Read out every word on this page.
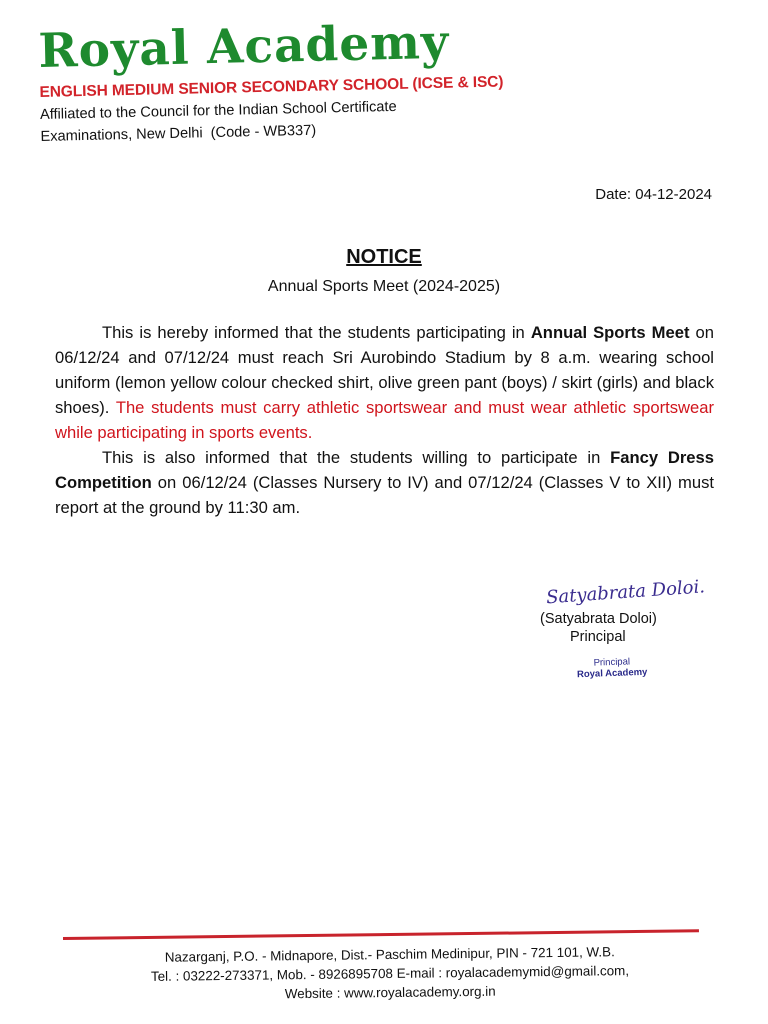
Royal Academy
ENGLISH MEDIUM SENIOR SECONDARY SCHOOL (ICSE & ISC)
Affiliated to the Council for the Indian School Certificate
Examinations, New Delhi (Code - WB337)
Date: 04-12-2024
NOTICE
Annual Sports Meet (2024-2025)

This is hereby informed that the students participating in Annual Sports Meet on 06/12/24 and 07/12/24 must reach Sri Aurobindo Stadium by 8 a.m. wearing school uniform (lemon yellow colour checked shirt, olive green pant (boys) / skirt (girls) and black shoes). The students must carry athletic sportswear and must wear athletic sportswear while participating in sports events.

This is also informed that the students willing to participate in Fancy Dress Competition on 06/12/24 (Classes Nursery to IV) and 07/12/24 (Classes V to XII) must report at the ground by 11:30 am.

Satyabrata Doloi.
(Satyabrata Doloi)
Principal
Principal
Royal Academy
Nazarganj, P.O. - Midnapore, Dist.- Paschim Medinipur, PIN - 721 101, W.B.
Tel. : 03222-273371, Mob. - 8926895708 E-mail : royalacademymid@gmail.com,
Website : www.royalacademy.org.in
